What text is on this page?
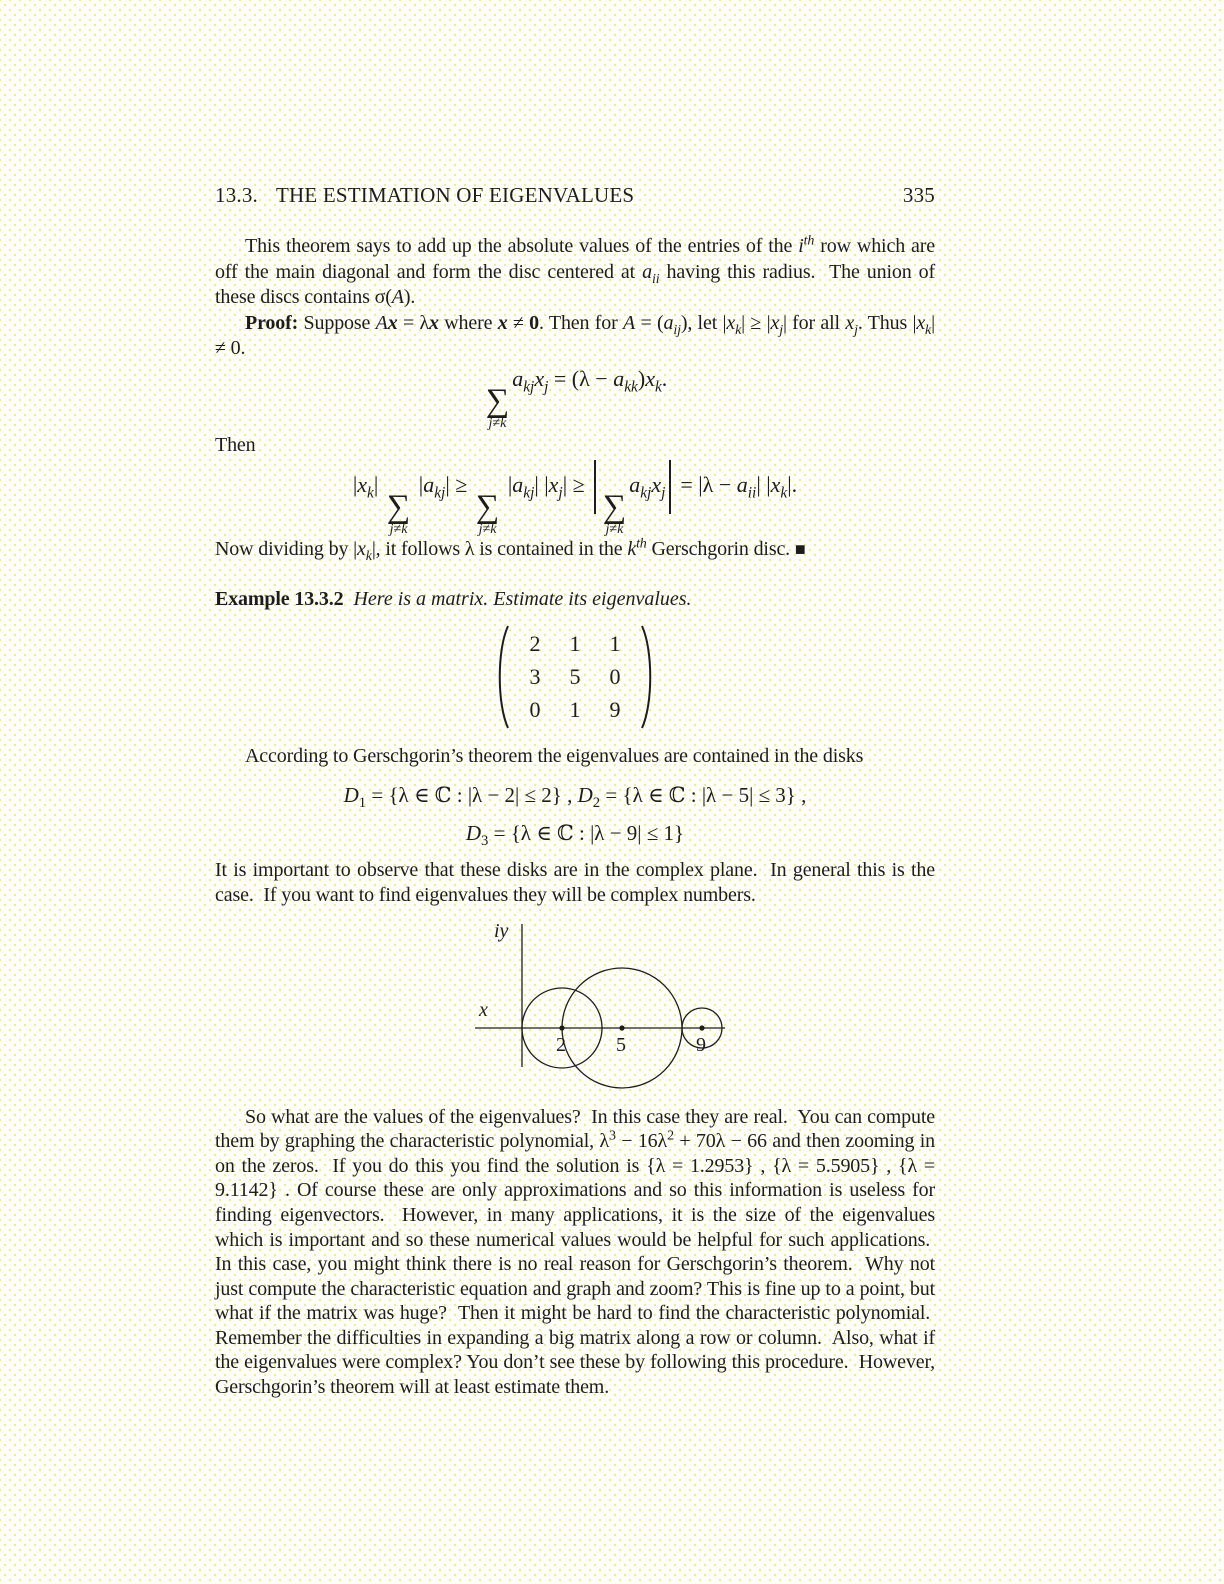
13.3. THE ESTIMATION OF EIGENVALUES	335

This theorem says to add up the absolute values of the entries of the $i^{th}$ row which are off the main diagonal and form the disc centered at $a_{ii}$ having this radius.  The union of these discs contains σ(A).

Proof: Suppose Ax = λx where x ≠ 0. Then for $A = (a_{ij})$, let $|x_k| \ge |x_j|$ for all $x_j$. Thus $|x_k| \ne 0$.

∑
j≠k
$a_{kj}x_j = (\lambda - a_{kk})x_k$.

Then

$|x_k|$
∑
j≠k
$|a_{kj}|$ ≥
∑
j≠k
$|a_{kj}|$ $|x_j|$ ≥
∑
j≠k
$a_{kj}x_j = |\lambda - a_{ii}|$ $|x_k|$.

Now dividing by $|x_k|$, it follows λ is contained in the $k^{th}$ Gerschgorin disc. ■

Example 13.3.2 Here is a matrix. Estimate its eigenvalues.

2	1	1
3	5	0
0	1	9

According to Gerschgorin’s theorem the eigenvalues are contained in the disks

$D_1 = \{\lambda$ ∈ ℂ : |λ − 2| ≤ 2} , $D_2 = \{\lambda$ ∈ ℂ : |λ − 5| ≤ 3} ,
$D_3 = \{\lambda$ ∈ ℂ : |λ − 9| ≤ 1}

It is important to observe that these disks are in the complex plane.  In general this is the case.  If you want to find eigenvalues they will be complex numbers.

2	5	9
x
iy

So what are the values of the eigenvalues?  In this case they are real.  You can compute them by graphing the characteristic polynomial, $\lambda^3 - 16\lambda^2 + 70\lambda - 66$ and then zooming in on the zeros.  If you do this you find the solution is {λ = 1.2953} , {λ = 5.5905} , {λ = 9.1142} . Of course these are only approximations and so this information is useless for finding eigenvectors.  However, in many applications, it is the size of the eigenvalues which is important and so these numerical values would be helpful for such applications.  In this case, you might think there is no real reason for Gerschgorin’s theorem.  Why not just compute the characteristic equation and graph and zoom? This is fine up to a point, but what if the matrix was huge?  Then it might be hard to find the characteristic polynomial.  Remember the difficulties in expanding a big matrix along a row or column.  Also, what if the eigenvalues were complex? You don’t see these by following this procedure.  However, Gerschgorin’s theorem will at least estimate them.
